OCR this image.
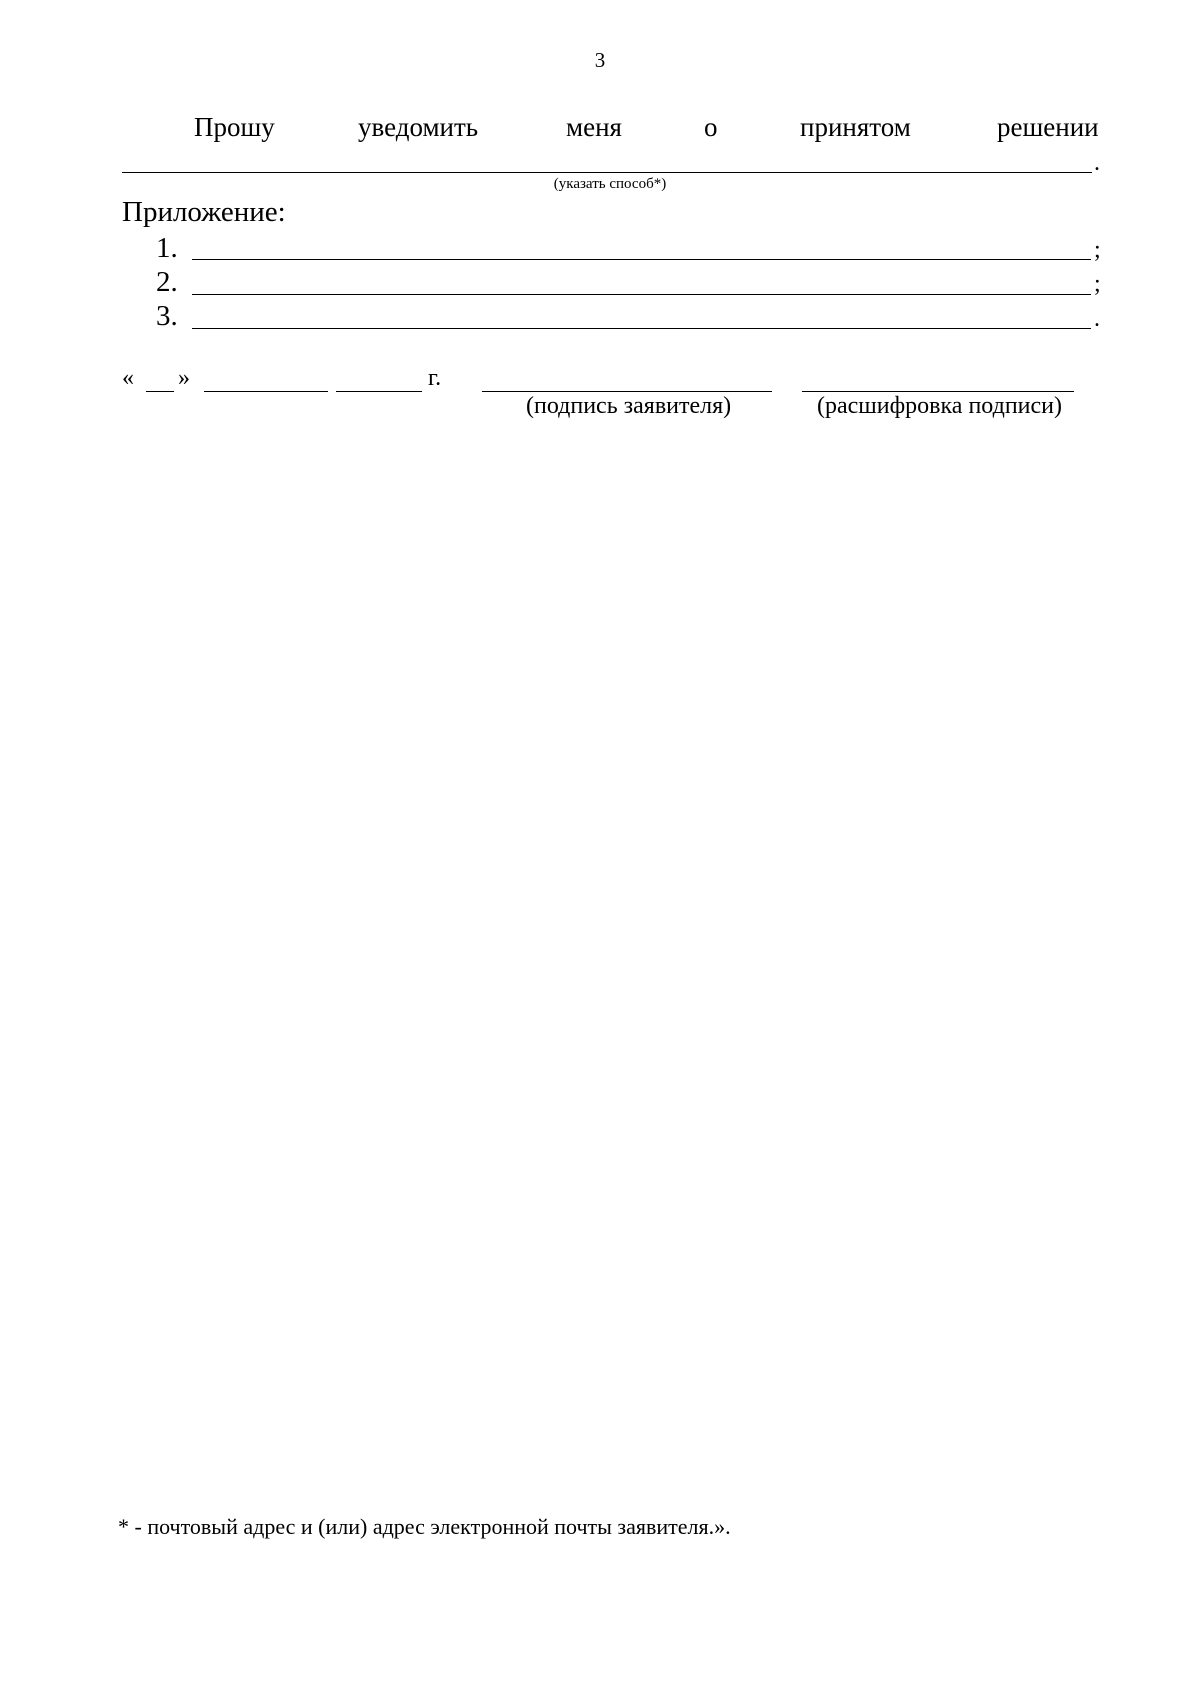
3
Прошу	уведомить	меня	о	принятом	решении
.
(указать способ*)
Приложение:
1.	;
2.	;
3.	.
« »	г.
(подпись заявителя)	(расшифровка подписи)
* - почтовый адрес и (или) адрес электронной почты заявителя.».
